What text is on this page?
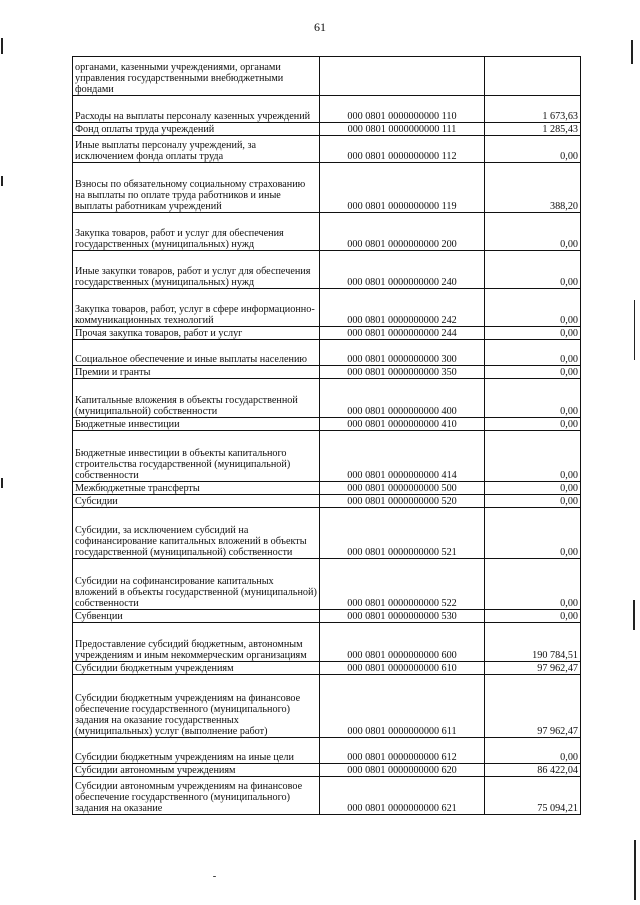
61
органами, казенными учреждениями, органами управления государственными внебюджетными фондами		
Расходы на выплаты персоналу казенных учреждений	000 0801 0000000000 110	1 673,63
Фонд оплаты труда учреждений	000 0801 0000000000 111	1 285,43
Иные выплаты персоналу учреждений, за исключением фонда оплаты труда	000 0801 0000000000 112	0,00
Взносы по обязательному социальному страхованию на выплаты по оплате труда работников и иные выплаты работникам учреждений	000 0801 0000000000 119	388,20
Закупка товаров, работ и услуг для обеспечения государственных (муниципальных) нужд	000 0801 0000000000 200	0,00
Иные закупки товаров, работ и услуг для обеспечения государственных (муниципальных) нужд	000 0801 0000000000 240	0,00
Закупка товаров, работ, услуг в сфере информационно-коммуникационных технологий	000 0801 0000000000 242	0,00
Прочая закупка товаров, работ и услуг	000 0801 0000000000 244	0,00
Социальное обеспечение и иные выплаты населению	000 0801 0000000000 300	0,00
Премии и гранты	000 0801 0000000000 350	0,00
Капитальные вложения в объекты государственной (муниципальной) собственности	000 0801 0000000000 400	0,00
Бюджетные инвестиции	000 0801 0000000000 410	0,00
Бюджетные инвестиции в объекты капитального строительства государственной (муниципальной) собственности	000 0801 0000000000 414	0,00
Межбюджетные трансферты	000 0801 0000000000 500	0,00
Субсидии	000 0801 0000000000 520	0,00
Субсидии, за исключением субсидий на софинансирование капитальных вложений в объекты государственной (муниципальной) собственности	000 0801 0000000000 521	0,00
Субсидии на софинансирование капитальных вложений в объекты государственной (муниципальной) собственности	000 0801 0000000000 522	0,00
Субвенции	000 0801 0000000000 530	0,00
Предоставление субсидий бюджетным, автономным учреждениям и иным некоммерческим организациям	000 0801 0000000000 600	190 784,51
Субсидии бюджетным учреждениям	000 0801 0000000000 610	97 962,47
Субсидии бюджетным учреждениям на финансовое обеспечение государственного (муниципального) задания на оказание государственных (муниципальных) услуг (выполнение работ)	000 0801 0000000000 611	97 962,47
Субсидии бюджетным учреждениям на иные цели	000 0801 0000000000 612	0,00
Субсидии автономным учреждениям	000 0801 0000000000 620	86 422,04
Субсидии автономным учреждениям на финансовое обеспечение государственного (муниципального) задания на оказание	000 0801 0000000000 621	75 094,21
